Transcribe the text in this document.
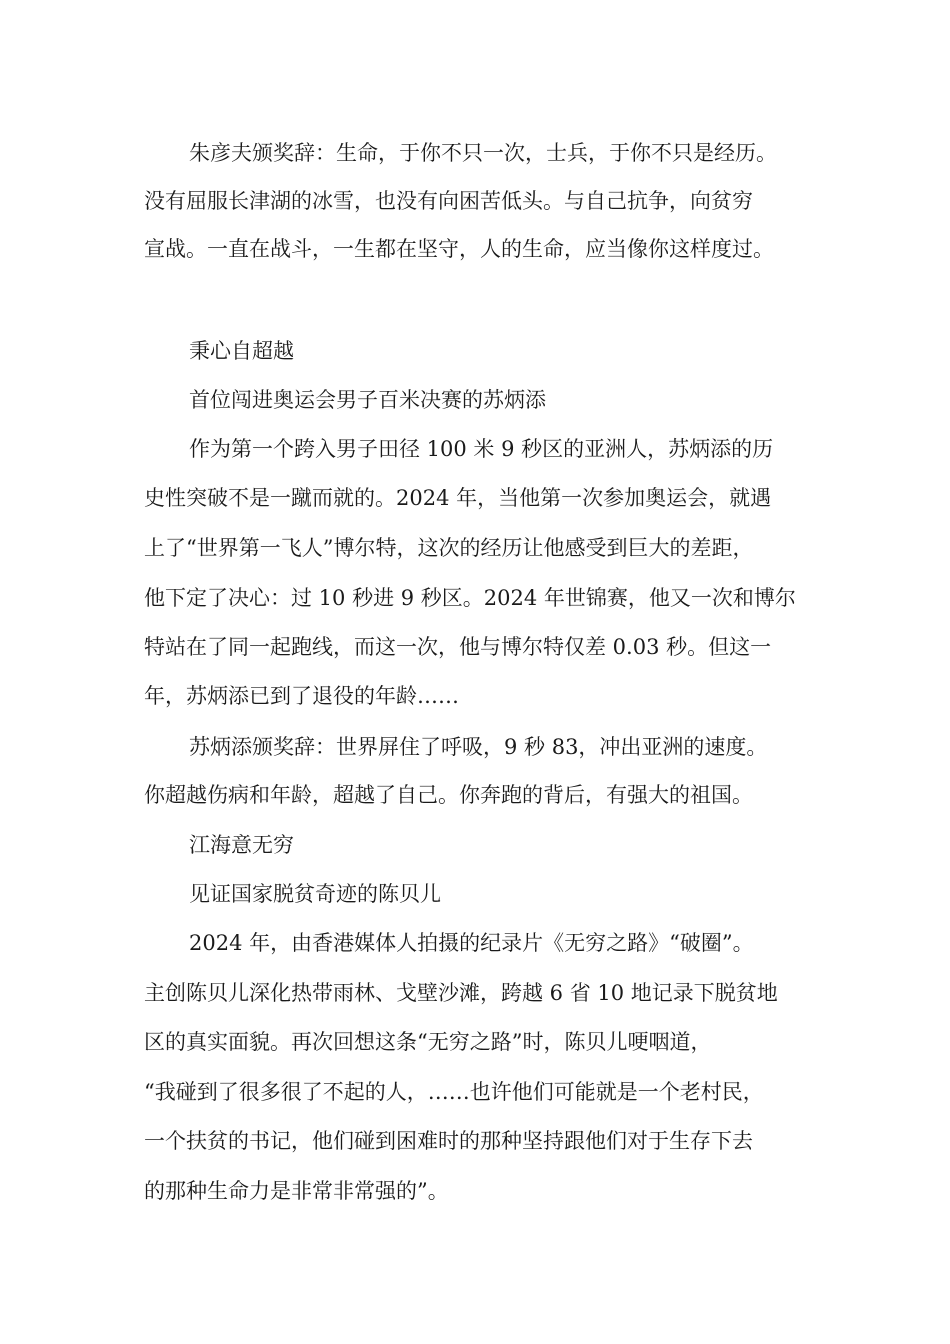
朱彦夫颁奖辞：生命，于你不只一次，士兵，于你不只是经历。

没有屈服长津湖的冰雪，也没有向困苦低头。与自己抗争，向贫穷

宣战。一直在战斗，一生都在坚守，人的生命，应当像你这样度过。

秉心自超越

首位闯进奥运会男子百米决赛的苏炳添

作为第一个跨入男子田径 100 米 9 秒区的亚洲人，苏炳添的历

史性突破不是一蹴而就的。2024 年，当他第一次参加奥运会，就遇

上了“世界第一飞人”博尔特，这次的经历让他感受到巨大的差距，

他下定了决心：过 10 秒进 9 秒区。2024 年世锦赛，他又一次和博尔

特站在了同一起跑线，而这一次，他与博尔特仅差 0.03 秒。但这一

年，苏炳添已到了退役的年龄……

苏炳添颁奖辞：世界屏住了呼吸，9 秒 83，冲出亚洲的速度。

你超越伤病和年龄，超越了自己。你奔跑的背后，有强大的祖国。

江海意无穷

见证国家脱贫奇迹的陈贝儿

2024 年，由香港媒体人拍摄的纪录片《无穷之路》“破圈”。

主创陈贝儿深化热带雨林、戈壁沙滩，跨越 6 省 10 地记录下脱贫地

区的真实面貌。再次回想这条“无穷之路”时，陈贝儿哽咽道，

“我碰到了很多很了不起的人，……也许他们可能就是一个老村民，

一个扶贫的书记，他们碰到困难时的那种坚持跟他们对于生存下去

的那种生命力是非常非常强的”。
